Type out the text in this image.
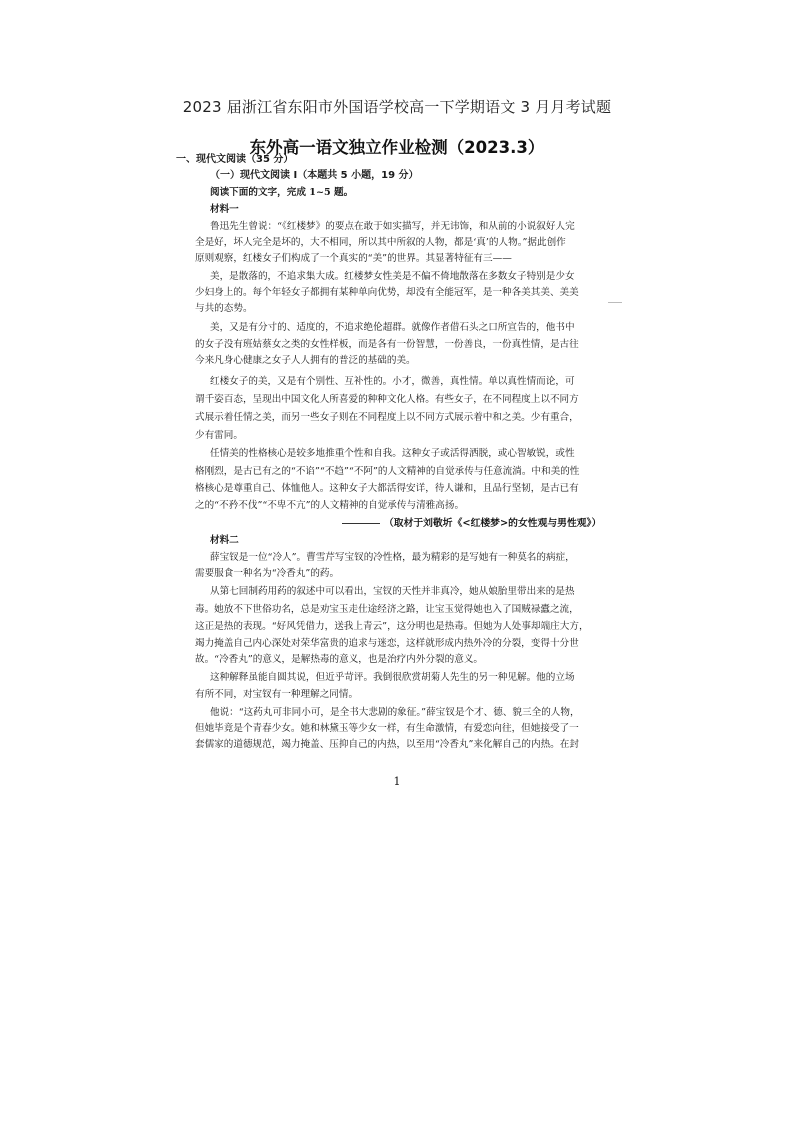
2023 届浙江省东阳市外国语学校高一下学期语文 3 月月考试题
东外高一语文独立作业检测（2023.3）
一、现代文阅读（35 分）
（一）现代文阅读 I（本题共 5 小题，19 分）
阅读下面的文字，完成 1~5 题。
材料一
鲁迅先生曾说：“《红楼梦》的要点在敢于如实描写，并无讳饰，和从前的小说叙好人完
全是好，坏人完全是坏的，大不相同，所以其中所叙的人物，都是‘真’的人物。”据此创作
原则观察，红楼女子们构成了一个真实的“美”的世界。其显著特征有三——
美，是散落的，不追求集大成。红楼梦女性美是不偏不倚地散落在多数女子特别是少女
少妇身上的。每个年轻女子都拥有某种单向优势，却没有全能冠军，是一种各美其美、美美
与共的态势。
美，又是有分寸的、适度的，不追求绝伦超群。就像作者借石头之口所宣告的，他书中
的女子没有班姑蔡女之类的女性样板，而是各有一份智慧，一份善良，一份真性情，是古往
今来凡身心健康之女子人人拥有的普泛的基础的美。
红楼女子的美，又是有个别性、互补性的。小才，微善，真性情。单以真性情而论，可
谓千姿百态，呈现出中国文化人所喜爱的种种文化人格。有些女子，在不同程度上以不同方
式展示着任情之美，而另一些女子则在不同程度上以不同方式展示着中和之美。少有重合，
少有雷同。
任情美的性格核心是较多地推重个性和自我。这种女子或活得洒脱，或心智敏锐，或性
格刚烈，是古已有之的“不谄”“不趋”“不阿”的人文精神的自觉承传与任意流淌。中和美的性
格核心是尊重自己、体恤他人。这种女子大都活得安详，待人谦和，且品行坚韧，是古已有
之的“不矜不伐”“不卑不亢”的人文精神的自觉承传与清雅高扬。
（取材于刘敬圻《<红楼梦>的女性观与男性观》）
材料二
薛宝钗是一位“冷人”。曹雪芹写宝钗的冷性格，最为精彩的是写她有一种莫名的病症，
需要服食一种名为“冷香丸”的药。
从第七回制药用药的叙述中可以看出，宝钗的天性并非真冷，她从娘胎里带出来的是热
毒。她放不下世俗功名，总是劝宝玉走仕途经济之路，让宝玉觉得她也入了国贼禄蠹之流，
这正是热的表现。“好风凭借力，送我上青云”，这分明也是热毒。但她为人处事却端庄大方，
竭力掩盖自己内心深处对荣华富贵的追求与迷恋，这样就形成内热外冷的分裂，变得十分世
故。“冷香丸”的意义，是解热毒的意义，也是治疗内外分裂的意义。
这种解释虽能自圆其说，但近乎苛评。我倒很欣赏胡菊人先生的另一种见解。他的立场
有所不同，对宝钗有一种理解之同情。
他说：“这药丸可非同小可，是全书大悲剧的象征。”薛宝钗是个才、德、貌三全的人物，
但她毕竟是个青春少女。她和林黛玉等少女一样，有生命激情，有爱恋向往，但她接受了一
套儒家的道德规范，竭力掩盖、压抑自己的内热，以至用“冷香丸”来化解自己的内热。在封
1
